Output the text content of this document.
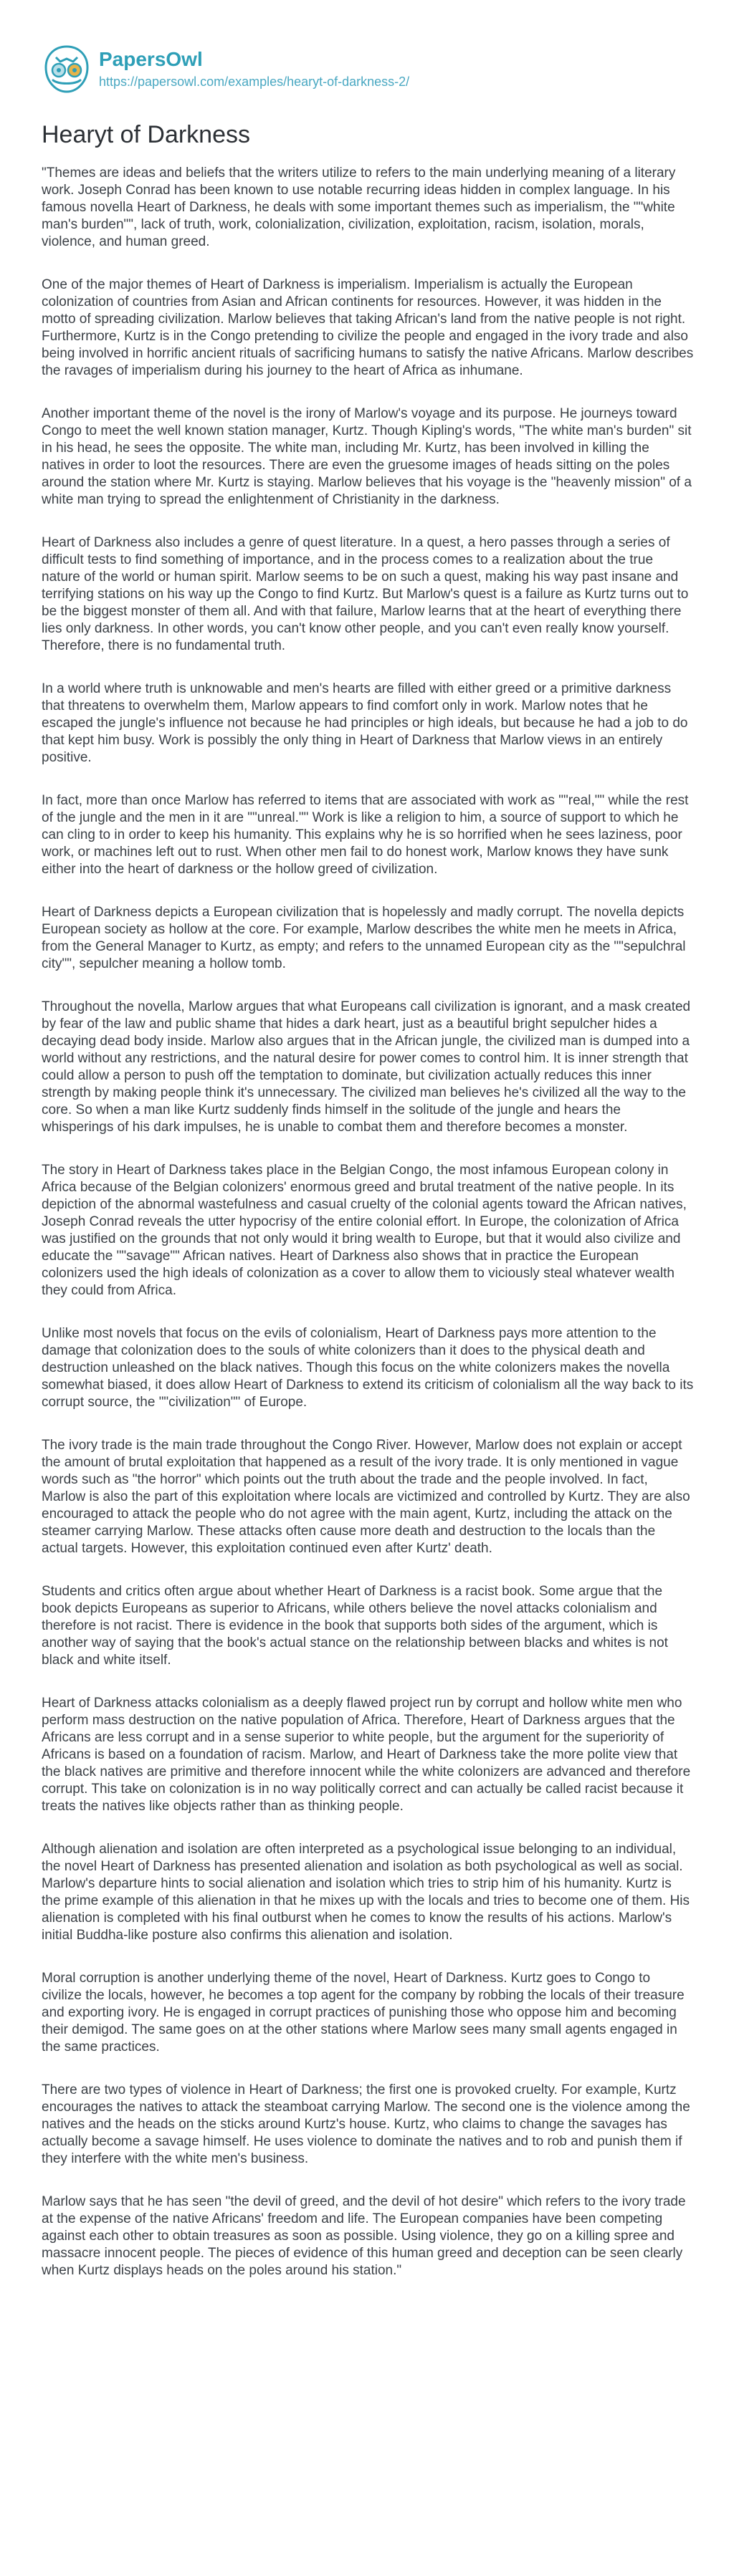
PapersOwl
https://papersowl.com/examples/hearyt-of-darkness-2/
Hearyt of Darkness

"Themes are ideas and beliefs that the writers utilize to refers to the main underlying meaning of a literary work. Joseph Conrad has been known to use notable recurring ideas hidden in complex language. In his famous novella Heart of Darkness, he deals with some important themes such as imperialism, the ""white man's burden"", lack of truth, work, colonialization, civilization, exploitation, racism, isolation, morals, violence, and human greed.

One of the major themes of Heart of Darkness is imperialism. Imperialism is actually the European colonization of countries from Asian and African continents for resources. However, it was hidden in the motto of spreading civilization. Marlow believes that taking African's land from the native people is not right. Furthermore, Kurtz is in the Congo pretending to civilize the people and engaged in the ivory trade and also being involved in horrific ancient rituals of sacrificing humans to satisfy the native Africans. Marlow describes the ravages of imperialism during his journey to the heart of Africa as inhumane.

Another important theme of the novel is the irony of Marlow's voyage and its purpose. He journeys toward Congo to meet the well known station manager, Kurtz. Though Kipling's words, "The white man's burden" sit in his head, he sees the opposite. The white man, including Mr. Kurtz, has been involved in killing the natives in order to loot the resources. There are even the gruesome images of heads sitting on the poles around the station where Mr. Kurtz is staying. Marlow believes that his voyage is the "heavenly mission" of a white man trying to spread the enlightenment of Christianity in the darkness.

Heart of Darkness also includes a genre of quest literature. In a quest, a hero passes through a series of difficult tests to find something of importance, and in the process comes to a realization about the true nature of the world or human spirit. Marlow seems to be on such a quest, making his way past insane and terrifying stations on his way up the Congo to find Kurtz. But Marlow's quest is a failure as Kurtz turns out to be the biggest monster of them all. And with that failure, Marlow learns that at the heart of everything there lies only darkness. In other words, you can't know other people, and you can't even really know yourself. Therefore, there is no fundamental truth.

In a world where truth is unknowable and men's hearts are filled with either greed or a primitive darkness that threatens to overwhelm them, Marlow appears to find comfort only in work. Marlow notes that he escaped the jungle's influence not because he had principles or high ideals, but because he had a job to do that kept him busy. Work is possibly the only thing in Heart of Darkness that Marlow views in an entirely positive.

In fact, more than once Marlow has referred to items that are associated with work as ""real,"" while the rest of the jungle and the men in it are ""unreal."" Work is like a religion to him, a source of support to which he can cling to in order to keep his humanity. This explains why he is so horrified when he sees laziness, poor work, or machines left out to rust. When other men fail to do honest work, Marlow knows they have sunk either into the heart of darkness or the hollow greed of civilization.

Heart of Darkness depicts a European civilization that is hopelessly and madly corrupt. The novella depicts European society as hollow at the core. For example, Marlow describes the white men he meets in Africa, from the General Manager to Kurtz, as empty; and refers to the unnamed European city as the ""sepulchral city"", sepulcher meaning a hollow tomb.

Throughout the novella, Marlow argues that what Europeans call civilization is ignorant, and a mask created by fear of the law and public shame that hides a dark heart, just as a beautiful bright sepulcher hides a decaying dead body inside. Marlow also argues that in the African jungle, the civilized man is dumped into a world without any restrictions, and the natural desire for power comes to control him. It is inner strength that could allow a person to push off the temptation to dominate, but civilization actually reduces this inner strength by making people think it's unnecessary. The civilized man believes he's civilized all the way to the core. So when a man like Kurtz suddenly finds himself in the solitude of the jungle and hears the whisperings of his dark impulses, he is unable to combat them and therefore becomes a monster.

The story in Heart of Darkness takes place in the Belgian Congo, the most infamous European colony in Africa because of the Belgian colonizers' enormous greed and brutal treatment of the native people. In its depiction of the abnormal wastefulness and casual cruelty of the colonial agents toward the African natives, Joseph Conrad reveals the utter hypocrisy of the entire colonial effort. In Europe, the colonization of Africa was justified on the grounds that not only would it bring wealth to Europe, but that it would also civilize and educate the ""savage"" African natives. Heart of Darkness also shows that in practice the European colonizers used the high ideals of colonization as a cover to allow them to viciously steal whatever wealth they could from Africa.

Unlike most novels that focus on the evils of colonialism, Heart of Darkness pays more attention to the damage that colonization does to the souls of white colonizers than it does to the physical death and destruction unleashed on the black natives. Though this focus on the white colonizers makes the novella somewhat biased, it does allow Heart of Darkness to extend its criticism of colonialism all the way back to its corrupt source, the ""civilization"" of Europe.

The ivory trade is the main trade throughout the Congo River. However, Marlow does not explain or accept the amount of brutal exploitation that happened as a result of the ivory trade. It is only mentioned in vague words such as "the horror" which points out the truth about the trade and the people involved. In fact, Marlow is also the part of this exploitation where locals are victimized and controlled by Kurtz. They are also encouraged to attack the people who do not agree with the main agent, Kurtz, including the attack on the steamer carrying Marlow. These attacks often cause more death and destruction to the locals than the actual targets. However, this exploitation continued even after Kurtz' death.

Students and critics often argue about whether Heart of Darkness is a racist book. Some argue that the book depicts Europeans as superior to Africans, while others believe the novel attacks colonialism and therefore is not racist. There is evidence in the book that supports both sides of the argument, which is another way of saying that the book's actual stance on the relationship between blacks and whites is not black and white itself.

Heart of Darkness attacks colonialism as a deeply flawed project run by corrupt and hollow white men who perform mass destruction on the native population of Africa. Therefore, Heart of Darkness argues that the Africans are less corrupt and in a sense superior to white people, but the argument for the superiority of Africans is based on a foundation of racism. Marlow, and Heart of Darkness take the more polite view that the black natives are primitive and therefore innocent while the white colonizers are advanced and therefore corrupt. This take on colonization is in no way politically correct and can actually be called racist because it treats the natives like objects rather than as thinking people.

Although alienation and isolation are often interpreted as a psychological issue belonging to an individual, the novel Heart of Darkness has presented alienation and isolation as both psychological as well as social. Marlow's departure hints to social alienation and isolation which tries to strip him of his humanity. Kurtz is the prime example of this alienation in that he mixes up with the locals and tries to become one of them. His alienation is completed with his final outburst when he comes to know the results of his actions. Marlow's initial Buddha-like posture also confirms this alienation and isolation.

Moral corruption is another underlying theme of the novel, Heart of Darkness. Kurtz goes to Congo to civilize the locals, however, he becomes a top agent for the company by robbing the locals of their treasure and exporting ivory. He is engaged in corrupt practices of punishing those who oppose him and becoming their demigod. The same goes on at the other stations where Marlow sees many small agents engaged in the same practices.

There are two types of violence in Heart of Darkness; the first one is provoked cruelty. For example, Kurtz encourages the natives to attack the steamboat carrying Marlow. The second one is the violence among the natives and the heads on the sticks around Kurtz's house. Kurtz, who claims to change the savages has actually become a savage himself. He uses violence to dominate the natives and to rob and punish them if they interfere with the white men's business.

Marlow says that he has seen "the devil of greed, and the devil of hot desire" which refers to the ivory trade at the expense of the native Africans' freedom and life. The European companies have been competing against each other to obtain treasures as soon as possible. Using violence, they go on a killing spree and massacre innocent people. The pieces of evidence of this human greed and deception can be seen clearly when Kurtz displays heads on the poles around his station."
